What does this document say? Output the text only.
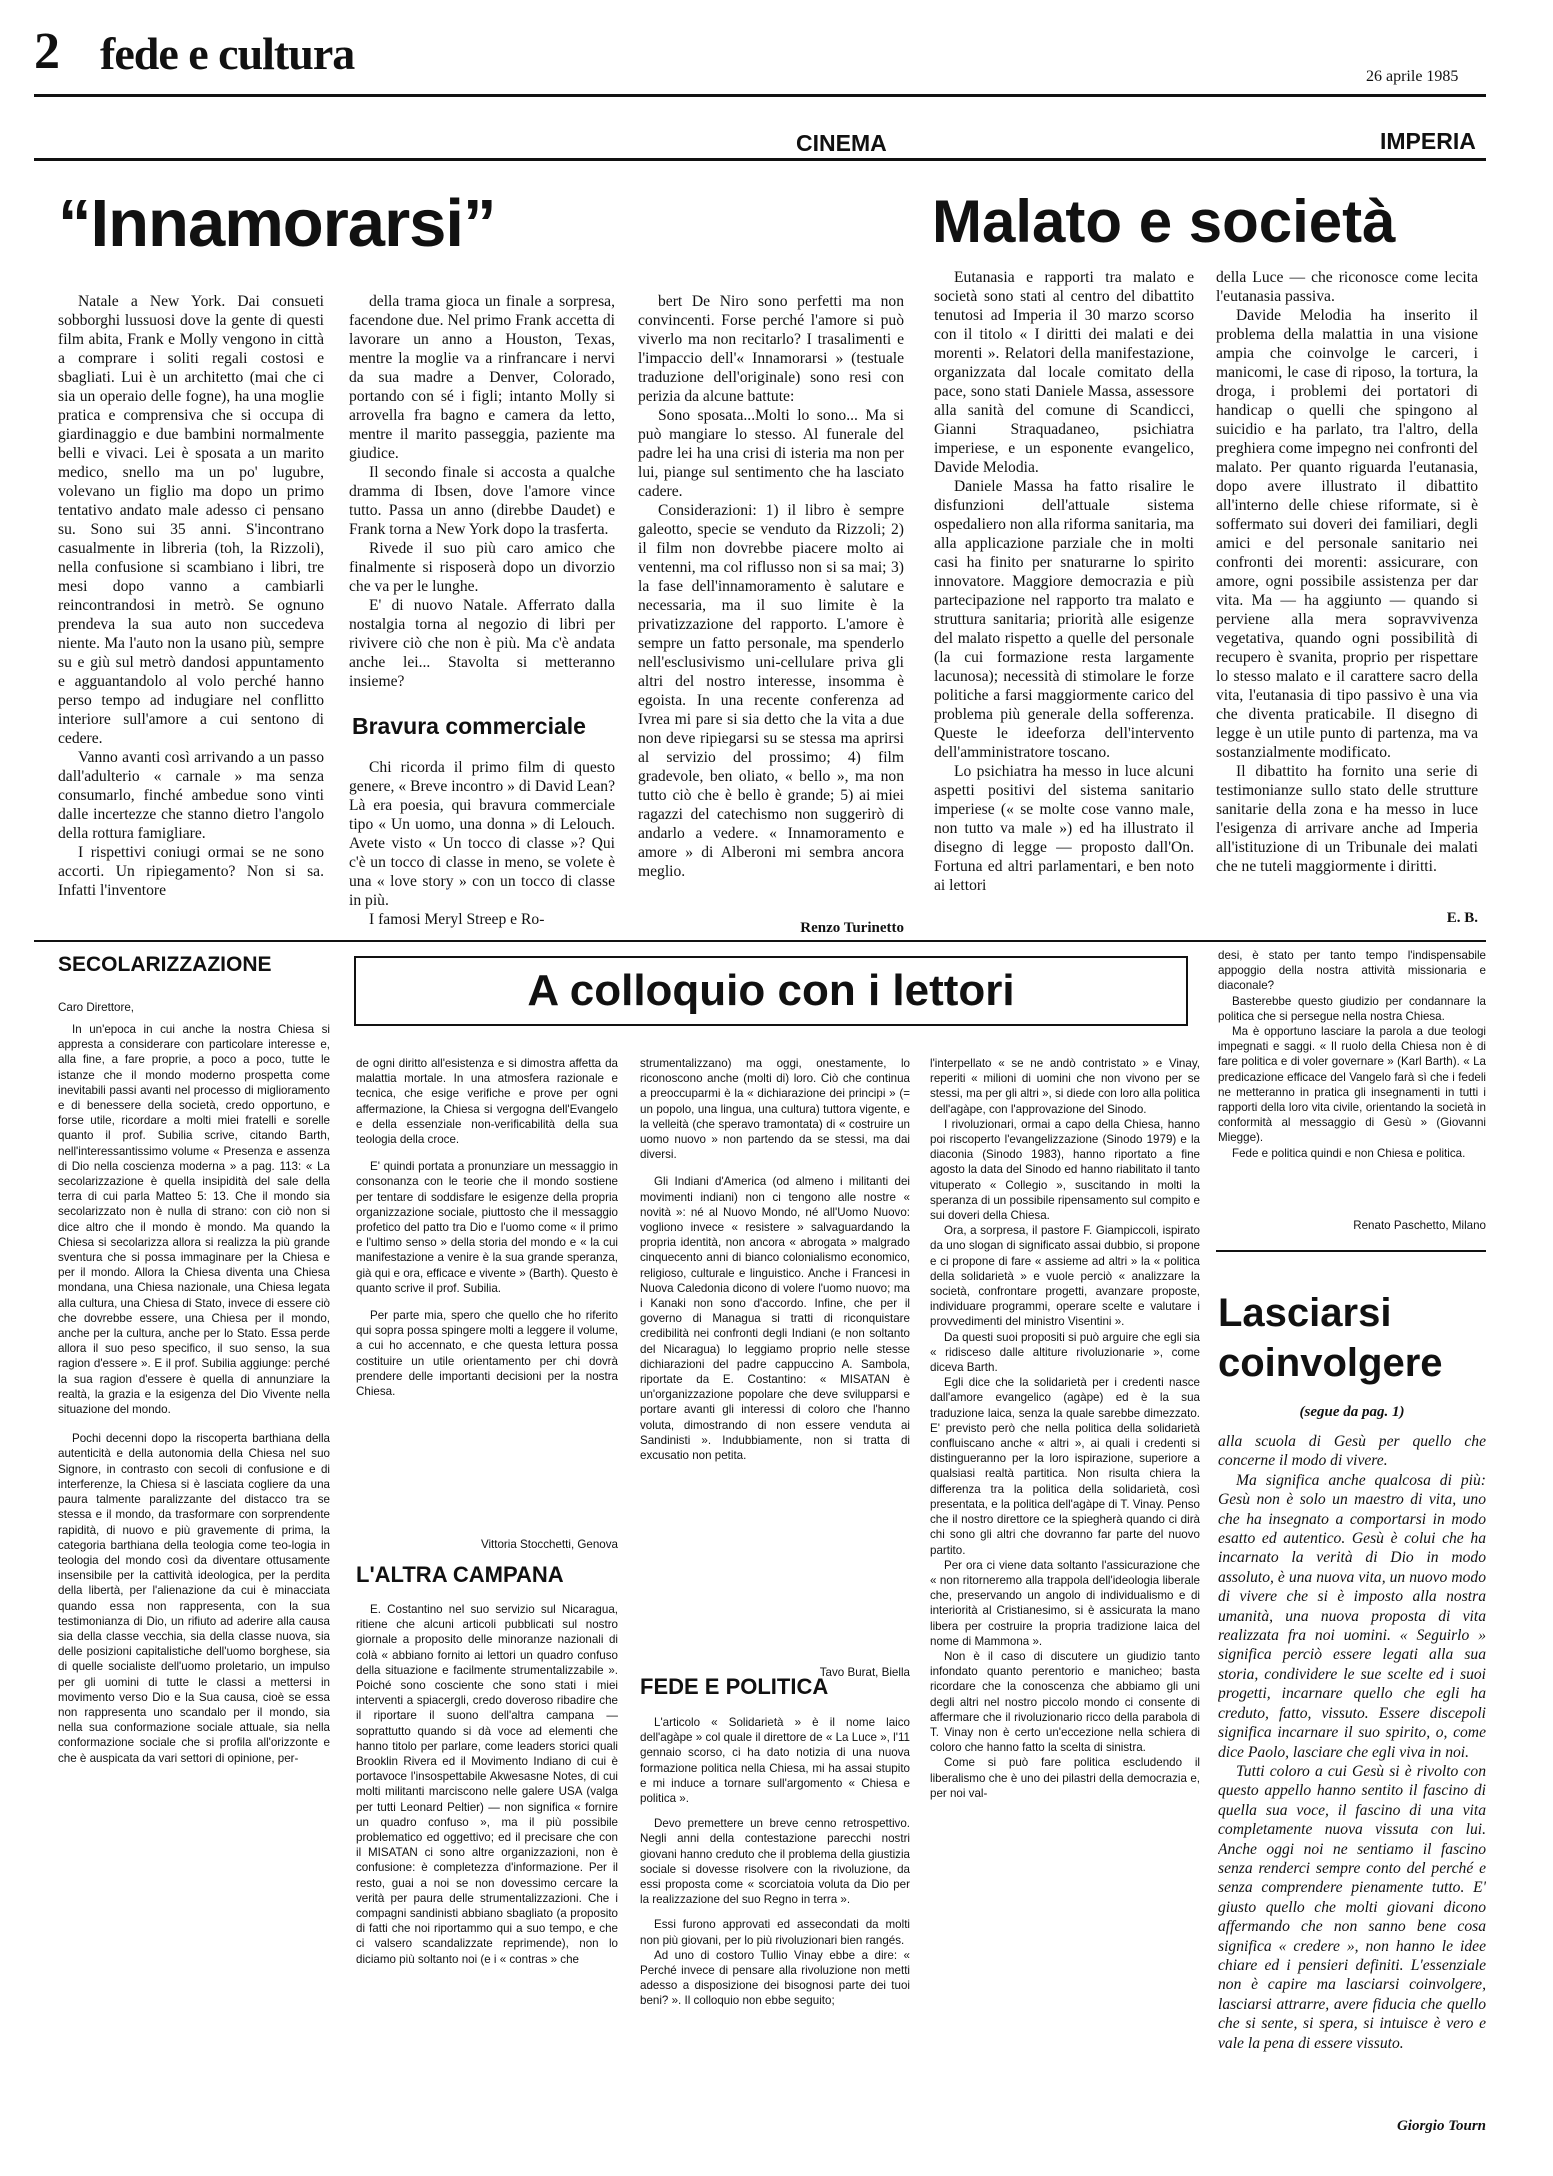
2 fede e cultura	26 aprile 1985
CINEMA	IMPERIA
“Innamorarsi”

Natale a New York. Dai consueti sobborghi lussuosi dove la gente di questi film abita, Frank e Molly vengono in città a comprare i soliti regali costosi e sbagliati. Lui è un architetto (mai che ci sia un operaio delle fogne), ha una moglie pratica e comprensiva che si occupa di giardinaggio e due bambini normalmente belli e vivaci. Lei è sposata a un marito medico, snello ma un po' lugubre, volevano un figlio ma dopo un primo tentativo andato male adesso ci pensano su. Sono sui 35 anni. S'incontrano casualmente in libreria (toh, la Rizzoli), nella confusione si scambiano i libri, tre mesi dopo vanno a cambiarli reincontrandosi in metrò. Se ognuno prendeva la sua auto non succedeva niente. Ma l'auto non la usano più, sempre su e giù sul metrò dandosi appuntamento e agguantandolo al volo perché hanno perso tempo ad indugiare nel conflitto interiore sull'amore a cui sentono di cedere.

Vanno avanti così arrivando a un passo dall'adulterio « carnale » ma senza consumarlo, finché ambedue sono vinti dalle incertezze che stanno dietro l'angolo della rottura famigliare.

I rispettivi coniugi ormai se ne sono accorti. Un ripiegamento? Non si sa. Infatti l'inventore

della trama gioca un finale a sorpresa, facendone due. Nel primo Frank accetta di lavorare un anno a Houston, Texas, mentre la moglie va a rinfrancare i nervi da sua madre a Denver, Colorado, portando con sé i figli; intanto Molly si arrovella fra bagno e camera da letto, mentre il marito passeggia, paziente ma giudice.

Il secondo finale si accosta a qualche dramma di Ibsen, dove l'amore vince tutto. Passa un anno (direbbe Daudet) e Frank torna a New York dopo la trasferta.

Rivede il suo più caro amico che finalmente si risposerà dopo un divorzio che va per le lunghe.

E' di nuovo Natale. Afferrato dalla nostalgia torna al negozio di libri per rivivere ciò che non è più. Ma c'è andata anche lei... Stavolta si metteranno insieme?

Bravura commerciale

Chi ricorda il primo film di questo genere, « Breve incontro » di David Lean? Là era poesia, qui bravura commerciale tipo « Un uomo, una donna » di Lelouch. Avete visto « Un tocco di classe »? Qui c'è un tocco di classe in meno, se volete è una « love story » con un tocco di classe in più.

I famosi Meryl Streep e Ro-

bert De Niro sono perfetti ma non convincenti. Forse perché l'amore si può viverlo ma non recitarlo? I trasalimenti e l'impaccio dell'« Innamorarsi » (testuale traduzione dell'originale) sono resi con perizia da alcune battute:

Sono sposata...Molti lo sono... Ma si può mangiare lo stesso. Al funerale del padre lei ha una crisi di isteria ma non per lui, piange sul sentimento che ha lasciato cadere.

Considerazioni: 1) il libro è sempre galeotto, specie se venduto da Rizzoli; 2) il film non dovrebbe piacere molto ai ventenni, ma col riflusso non si sa mai; 3) la fase dell'innamoramento è salutare e necessaria, ma il suo limite è la privatizzazione del rapporto. L'amore è sempre un fatto personale, ma spenderlo nell'esclusivismo uni-cellulare priva gli altri del nostro interesse, insomma è egoista. In una recente conferenza ad Ivrea mi pare si sia detto che la vita a due non deve ripiegarsi su se stessa ma aprirsi al servizio del prossimo; 4) film gradevole, ben oliato, « bello », ma non tutto ciò che è bello è grande; 5) ai miei ragazzi del catechismo non suggerirò di andarlo a vedere. « Innamoramento e amore » di Alberoni mi sembra ancora meglio.

Renzo Turinetto
Malato e società

Eutanasia e rapporti tra malato e società sono stati al centro del dibattito tenutosi ad Imperia il 30 marzo scorso con il titolo « I diritti dei malati e dei morenti ». Relatori della manifestazione, organizzata dal locale comitato della pace, sono stati Daniele Massa, assessore alla sanità del comune di Scandicci, Gianni Straquadaneo, psichiatra imperiese, e un esponente evangelico, Davide Melodia.

Daniele Massa ha fatto risalire le disfunzioni dell'attuale sistema ospedaliero non alla riforma sanitaria, ma alla applicazione parziale che in molti casi ha finito per snaturarne lo spirito innovatore. Maggiore democrazia e più partecipazione nel rapporto tra malato e struttura sanitaria; priorità alle esigenze del malato rispetto a quelle del personale (la cui formazione resta largamente lacunosa); necessità di stimolare le forze politiche a farsi maggiormente carico del problema più generale della sofferenza. Queste le ideeforza dell'intervento dell'amministratore toscano.

Lo psichiatra ha messo in luce alcuni aspetti positivi del sistema sanitario imperiese (« se molte cose vanno male, non tutto va male ») ed ha illustrato il disegno di legge — proposto dall'On. Fortuna ed altri parlamentari, e ben noto ai lettori

della Luce — che riconosce come lecita l'eutanasia passiva.

Davide Melodia ha inserito il problema della malattia in una visione ampia che coinvolge le carceri, i manicomi, le case di riposo, la tortura, la droga, i problemi dei portatori di handicap o quelli che spingono al suicidio e ha parlato, tra l'altro, della preghiera come impegno nei confronti del malato. Per quanto riguarda l'eutanasia, dopo avere illustrato il dibattito all'interno delle chiese riformate, si è soffermato sui doveri dei familiari, degli amici e del personale sanitario nei confronti dei morenti: assicurare, con amore, ogni possibile assistenza per dar vita. Ma — ha aggiunto — quando si perviene alla mera sopravvivenza vegetativa, quando ogni possibilità di recupero è svanita, proprio per rispettare lo stesso malato e il carattere sacro della vita, l'eutanasia di tipo passivo è una via che diventa praticabile. Il disegno di legge è un utile punto di partenza, ma va sostanzialmente modificato.

Il dibattito ha fornito una serie di testimonianze sullo stato delle strutture sanitarie della zona e ha messo in luce l'esigenza di arrivare anche ad Imperia all'istituzione di un Tribunale dei malati che ne tuteli maggiormente i diritti.

E. B.
A colloquio con i lettori
SECOLARIZZAZIONE
Caro Direttore,

In un'epoca in cui anche la nostra Chiesa si appresta a considerare con particolare interesse e, alla fine, a fare proprie, a poco a poco, tutte le istanze che il mondo moderno prospetta come inevitabili passi avanti nel processo di miglioramento e di benessere della società, credo opportuno, e forse utile, ricordare a molti miei fratelli e sorelle quanto il prof. Subilia scrive, citando Barth, nell'interessantissimo volume « Presenza e assenza di Dio nella coscienza moderna » a pag. 113: « La secolarizzazione è quella insipidità del sale della terra di cui parla Matteo 5: 13. Che il mondo sia secolarizzato non è nulla di strano: con ciò non si dice altro che il mondo è mondo. Ma quando la Chiesa si secolarizza allora si realizza la più grande sventura che si possa immaginare per la Chiesa e per il mondo. Allora la Chiesa diventa una Chiesa mondana, una Chiesa nazionale, una Chiesa legata alla cultura, una Chiesa di Stato, invece di essere ciò che dovrebbe essere, una Chiesa per il mondo, anche per la cultura, anche per lo Stato. Essa perde allora il suo peso specifico, il suo senso, la sua ragion d'essere ». E il prof. Subilia aggiunge: perché la sua ragion d'essere è quella di annunziare la realtà, la grazia e la esigenza del Dio Vivente nella situazione del mondo.

Pochi decenni dopo la riscoperta barthiana della autenticità e della autonomia della Chiesa nel suo Signore, in contrasto con secoli di confusione e di interferenze, la Chiesa si è lasciata cogliere da una paura talmente paralizzante del distacco tra se stessa e il mondo, da trasformare con sorprendente rapidità, di nuovo e più gravemente di prima, la categoria barthiana della teologia come teo-logia in teologia del mondo così da diventare ottusamente insensibile per la cattività ideologica, per la perdita della libertà, per l'alienazione da cui è minacciata quando essa non rappresenta, con la sua testimonianza di Dio, un rifiuto ad aderire alla causa sia della classe vecchia, sia della classe nuova, sia delle posizioni capitalistiche dell'uomo borghese, sia di quelle socialiste dell'uomo proletario, un impulso per gli uomini di tutte le classi a mettersi in movimento verso Dio e la Sua causa, cioè se essa non rappresenta uno scandalo per il mondo, sia nella sua conformazione sociale attuale, sia nella conformazione sociale che si profila all'orizzonte e che è auspicata da vari settori di opinione, per-

de ogni diritto all'esistenza e si dimostra affetta da malattia mortale. In una atmosfera razionale e tecnica, che esige verifiche e prove per ogni affermazione, la Chiesa si vergogna dell'Evangelo e della essenziale non-verificabilità della sua teologia della croce.

E' quindi portata a pronunziare un messaggio in consonanza con le teorie che il mondo sostiene per tentare di soddisfare le esigenze della propria organizzazione sociale, piuttosto che il messaggio profetico del patto tra Dio e l'uomo come « il primo e l'ultimo senso » della storia del mondo e « la cui manifestazione a venire è la sua grande speranza, già qui e ora, efficace e vivente » (Barth). Questo è quanto scrive il prof. Subilia.

Per parte mia, spero che quello che ho riferito qui sopra possa spingere molti a leggere il volume, a cui ho accennato, e che questa lettura possa costituire un utile orientamento per chi dovrà prendere delle importanti decisioni per la nostra Chiesa.

Vittoria Stocchetti, Genova
L'ALTRA CAMPANA

E. Costantino nel suo servizio sul Nicaragua, ritiene che alcuni articoli pubblicati sul nostro giornale a proposito delle minoranze nazionali di colà « abbiano fornito ai lettori un quadro confuso della situazione e facilmente strumentalizzabile ». Poiché sono cosciente che sono stati i miei interventi a spiacergli, credo doveroso ribadire che il riportare il suono dell'altra campana — soprattutto quando si dà voce ad elementi che hanno titolo per parlare, come leaders storici quali Brooklin Rivera ed il Movimento Indiano di cui è portavoce l'insospettabile Akwesasne Notes, di cui molti militanti marciscono nelle galere USA (valga per tutti Leonard Peltier) — non significa « fornire un quadro confuso », ma il più possibile problematico ed oggettivo; ed il precisare che con il MISATAN ci sono altre organizzazioni, non è confusione: è completezza d'informazione. Per il resto, guai a noi se non dovessimo cercare la verità per paura delle strumentalizzazioni. Che i compagni sandinisti abbiano sbagliato (a proposito di fatti che noi riportammo qui a suo tempo, e che ci valsero scandalizzate reprimende), non lo diciamo più soltanto noi (e i « contras » che

strumentalizzano) ma oggi, onestamente, lo riconoscono anche (molti di) loro. Ciò che continua a preoccuparmi è la « dichiarazione dei principi » (= un popolo, una lingua, una cultura) tuttora vigente, e la velleità (che speravo tramontata) di « costruire un uomo nuovo » non partendo da se stessi, ma dai diversi.

Gli Indiani d'America (od almeno i militanti dei movimenti indiani) non ci tengono alle nostre « novità »: né al Nuovo Mondo, né all'Uomo Nuovo: vogliono invece « resistere » salvaguardando la propria identità, non ancora « abrogata » malgrado cinquecento anni di bianco colonialismo economico, religioso, culturale e linguistico. Anche i Francesi in Nuova Caledonia dicono di volere l'uomo nuovo; ma i Kanaki non sono d'accordo. Infine, che per il governo di Managua si tratti di riconquistare credibilità nei confronti degli Indiani (e non soltanto del Nicaragua) lo leggiamo proprio nelle stesse dichiarazioni del padre cappuccino A. Sambola, riportate da E. Costantino: « MISATAN è un'organizzazione popolare che deve svilupparsi e portare avanti gli interessi di coloro che l'hanno voluta, dimostrando di non essere venduta ai Sandinisti ». Indubbiamente, non si tratta di excusatio non petita.

Tavo Burat, Biella
FEDE E POLITICA

L'articolo « Solidarietà » è il nome laico dell'agàpe » col quale il direttore de « La Luce », l'11 gennaio scorso, ci ha dato notizia di una nuova formazione politica nella Chiesa, mi ha assai stupito e mi induce a tornare sull'argomento « Chiesa e politica ».

Devo premettere un breve cenno retrospettivo. Negli anni della contestazione parecchi nostri giovani hanno creduto che il problema della giustizia sociale si dovesse risolvere con la rivoluzione, da essi proposta come « scorciatoia voluta da Dio per la realizzazione del suo Regno in terra ».

Essi furono approvati ed assecondati da molti non più giovani, per lo più rivoluzionari bien rangés.

Ad uno di costoro Tullio Vinay ebbe a dire: « Perché invece di pensare alla rivoluzione non metti adesso a disposizione dei bisognosi parte dei tuoi beni? ». Il colloquio non ebbe seguito;

l'interpellato « se ne andò contristato » e Vinay, reperiti « milioni di uomini che non vivono per se stessi, ma per gli altri », si diede con loro alla politica dell'agàpe, con l'approvazione del Sinodo.

I rivoluzionari, ormai a capo della Chiesa, hanno poi riscoperto l'evangelizzazione (Sinodo 1979) e la diaconia (Sinodo 1983), hanno riportato a fine agosto la data del Sinodo ed hanno riabilitato il tanto vituperato « Collegio », suscitando in molti la speranza di un possibile ripensamento sul compito e sui doveri della Chiesa.

Ora, a sorpresa, il pastore F. Giampiccoli, ispirato da uno slogan di significato assai dubbio, si propone e ci propone di fare « assieme ad altri » la « politica della solidarietà » e vuole perciò « analizzare la società, confrontare progetti, avanzare proposte, individuare programmi, operare scelte e valutare i provvedimenti del ministro Visentini ».

Da questi suoi propositi si può arguire che egli sia « ridisceso dalle altiture rivoluzionarie », come diceva Barth.

Egli dice che la solidarietà per i credenti nasce dall'amore evangelico (agàpe) ed è la sua traduzione laica, senza la quale sarebbe dimezzato. E' previsto però che nella politica della solidarietà confluiscano anche « altri », ai quali i credenti si distingueranno per la loro ispirazione, superiore a qualsiasi realtà partitica. Non risulta chiera la differenza tra la politica della solidarietà, così presentata, e la politica dell'agàpe di T. Vinay. Penso che il nostro direttore ce la spiegherà quando ci dirà chi sono gli altri che dovranno far parte del nuovo partito.

Per ora ci viene data soltanto l'assicurazione che « non ritorneremo alla trappola dell'ideologia liberale che, preservando un angolo di individualismo e di interiorità al Cristianesimo, si è assicurata la mano libera per costruire la propria tradizione laica del nome di Mammona ».

Non è il caso di discutere un giudizio tanto infondato quanto perentorio e manicheo; basta ricordare che la conoscenza che abbiamo gli uni degli altri nel nostro piccolo mondo ci consente di affermare che il rivoluzionario ricco della parabola di T. Vinay non è certo un'eccezione nella schiera di coloro che hanno fatto la scelta di sinistra.

Come si può fare politica escludendo il liberalismo che è uno dei pilastri della democrazia e, per noi val-

desi, è stato per tanto tempo l'indispensabile appoggio della nostra attività missionaria e diaconale?

Basterebbe questo giudizio per condannare la politica che si persegue nella nostra Chiesa.

Ma è opportuno lasciare la parola a due teologi impegnati e saggi. « Il ruolo della Chiesa non è di fare politica e di voler governare » (Karl Barth). « La predicazione efficace del Vangelo farà sì che i fedeli ne metteranno in pratica gli insegnamenti in tutti i rapporti della loro vita civile, orientando la società in conformità al messaggio di Gesù » (Giovanni Miegge).

Fede e politica quindi e non Chiesa e politica.

Renato Paschetto, Milano
Lasciarsi coinvolgere
(segue da pag. 1)

alla scuola di Gesù per quello che concerne il modo di vivere.

Ma significa anche qualcosa di più: Gesù non è solo un maestro di vita, uno che ha insegnato a comportarsi in modo esatto ed autentico. Gesù è colui che ha incarnato la verità di Dio in modo assoluto, è una nuova vita, un nuovo modo di vivere che si è imposto alla nostra umanità, una nuova proposta di vita realizzata fra noi uomini. « Seguirlo » significa perciò essere legati alla sua storia, condividere le sue scelte ed i suoi progetti, incarnare quello che egli ha creduto, fatto, vissuto. Essere discepoli significa incarnare il suo spirito, o, come dice Paolo, lasciare che egli viva in noi.

Tutti coloro a cui Gesù si è rivolto con questo appello hanno sentito il fascino di quella sua voce, il fascino di una vita completamente nuova vissuta con lui. Anche oggi noi ne sentiamo il fascino senza renderci sempre conto del perché e senza comprendere pienamente tutto. E' giusto quello che molti giovani dicono affermando che non sanno bene cosa significa « credere », non hanno le idee chiare ed i pensieri definiti. L'essenziale non è capire ma lasciarsi coinvolgere, lasciarsi attrarre, avere fiducia che quello che si sente, si spera, si intuisce è vero e vale la pena di essere vissuto.

Giorgio Tourn
